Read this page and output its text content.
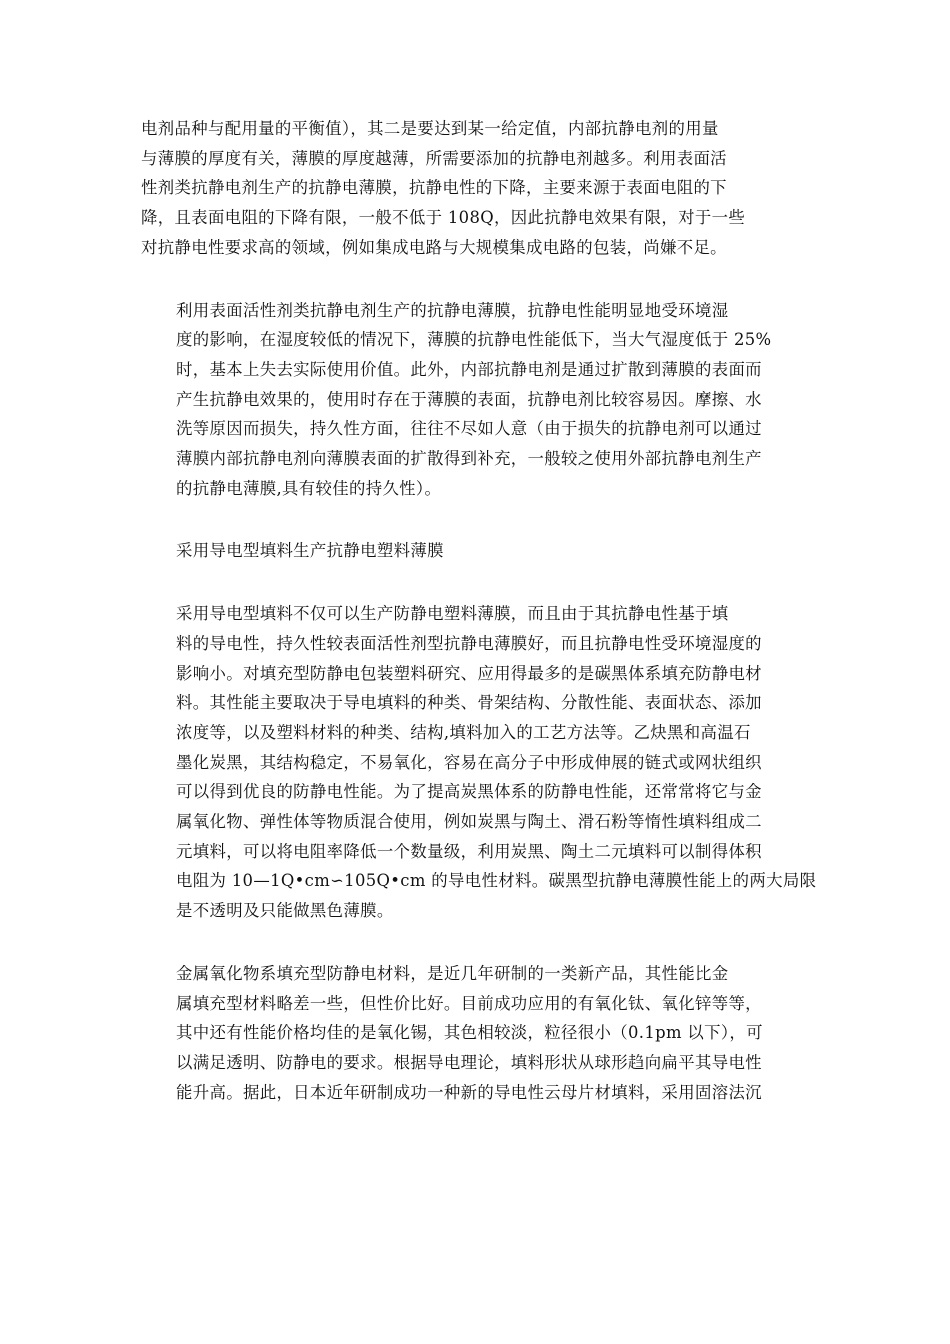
电剂品种与配用量的平衡值），其二是要达到某一给定值，内部抗静电剂的用量
与薄膜的厚度有关，薄膜的厚度越薄，所需要添加的抗静电剂越多。利用表面活
性剂类抗静电剂生产的抗静电薄膜，抗静电性的下降，主要来源于表面电阻的下
降，且表面电阻的下降有限，一般不低于 108Q，因此抗静电效果有限，对于一些
对抗静电性要求高的领域，例如集成电路与大规模集成电路的包装，尚嫌不足。

利用表面活性剂类抗静电剂生产的抗静电薄膜，抗静电性能明显地受环境湿
度的影响，在湿度较低的情况下，薄膜的抗静电性能低下，当大气湿度低于 25%
时，基本上失去实际使用价值。此外，内部抗静电剂是通过扩散到薄膜的表面而
产生抗静电效果的，使用时存在于薄膜的表面，抗静电剂比较容易因。摩擦、水
洗等原因而损失，持久性方面，往往不尽如人意（由于损失的抗静电剂可以通过
薄膜内部抗静电剂向薄膜表面的扩散得到补充，一般较之使用外部抗静电剂生产
的抗静电薄膜,具有较佳的持久性）。

采用导电型填料生产抗静电塑料薄膜

采用导电型填料不仅可以生产防静电塑料薄膜，而且由于其抗静电性基于填
料的导电性，持久性较表面活性剂型抗静电薄膜好，而且抗静电性受环境湿度的
影响小。对填充型防静电包装塑料研究、应用得最多的是碳黑体系填充防静电材
料。其性能主要取决于导电填料的种类、骨架结构、分散性能、表面状态、添加
浓度等，以及塑料材料的种类、结构,填料加入的工艺方法等。乙炔黑和高温石
墨化炭黑，其结构稳定，不易氧化，容易在高分子中形成伸展的链式或网状组织
可以得到优良的防静电性能。为了提高炭黑体系的防静电性能，还常常将它与金
属氧化物、弹性体等物质混合使用，例如炭黑与陶土、滑石粉等惰性填料组成二
元填料，可以将电阻率降低一个数量级，利用炭黑、陶土二元填料可以制得体积
电阻为 10—1Q•cm∽105Q•cm 的导电性材料。碳黑型抗静电薄膜性能上的两大局限
是不透明及只能做黑色薄膜。

金属氧化物系填充型防静电材料，是近几年研制的一类新产品，其性能比金
属填充型材料略差一些，但性价比好。目前成功应用的有氧化钛、氧化锌等等，
其中还有性能价格均佳的是氧化锡，其色相较淡，粒径很小（0.1pm 以下），可
以满足透明、防静电的要求。根据导电理论，填料形状从球形趋向扁平其导电性
能升高。据此，日本近年研制成功一种新的导电性云母片材填料，采用固溶法沉
